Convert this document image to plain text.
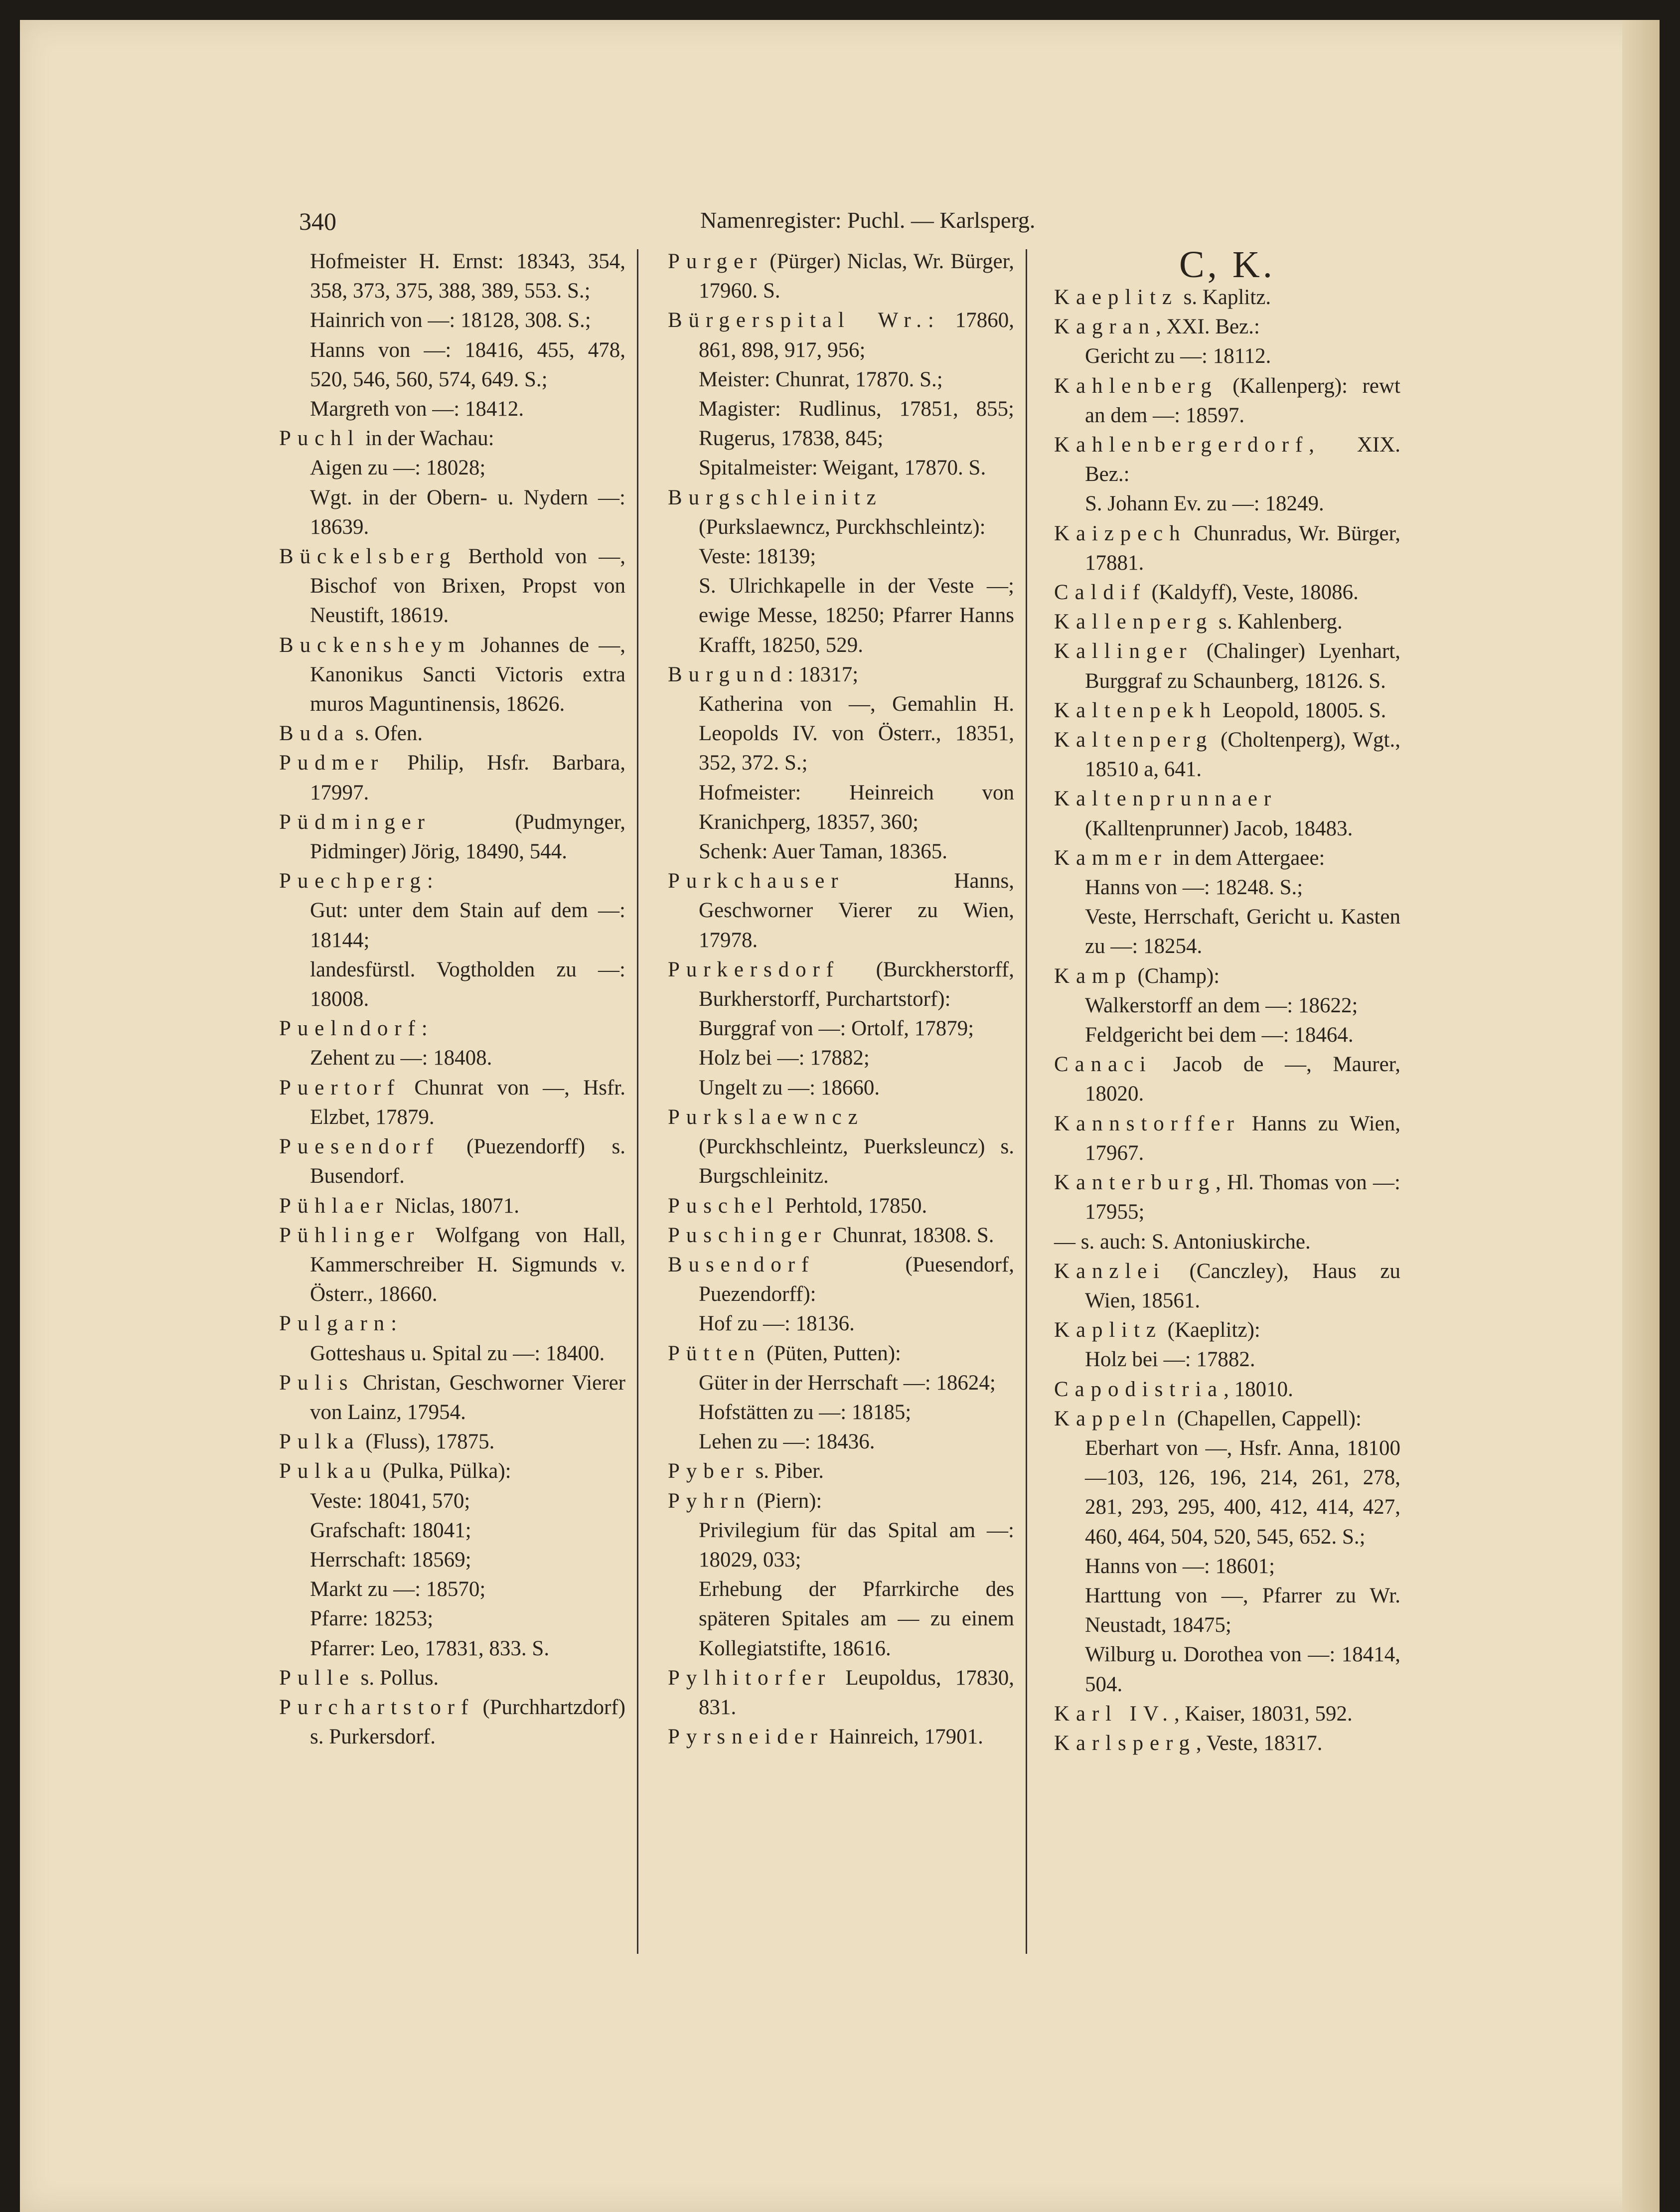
340	Namenregister: Puchl. — Karlsperg.
Hofmeister H. Ernst: 18343, 354, 358, 373, 375, 388, 389, 553. S.;
Hainrich von —: 18128, 308. S.;
Hanns von —: 18416, 455, 478, 520, 546, 560, 574, 649. S.;
Margreth von —: 18412.
Puchl in der Wachau:
Aigen zu —: 18028;
Wgt. in der Obern- u. Nydern —: 18639.
Bückelsberg Berthold von —, Bischof von Brixen, Propst von Neustift, 18619.
Buckensheym Johannes de —, Kanonikus Sancti Victoris extra muros Maguntinensis, 18626.
Buda s. Ofen.
Pudmer Philip, Hsfr. Barbara, 17997.
Püdminger (Pudmynger, Pidminger) Jörig, 18490, 544.
Puechperg:
Gut: unter dem Stain auf dem —: 18144;
landesfürstl. Vogtholden zu —: 18008.
Puelndorf:
Zehent zu —: 18408.
Puertorf Chunrat von —, Hsfr. Elzbet, 17879.
Puesendorf (Puezendorff) s. Busendorf.
Pühlaer Niclas, 18071.
Pühlinger Wolfgang von Hall, Kammerschreiber H. Sigmunds v. Österr., 18660.
Pulgarn:
Gotteshaus u. Spital zu —: 18400.
Pulis Christan, Geschworner Vierer von Lainz, 17954.
Pulka (Fluss), 17875.
Pulkau (Pulka, Pülka):
Veste: 18041, 570;
Grafschaft: 18041;
Herrschaft: 18569;
Markt zu —: 18570;
Pfarre: 18253;
Pfarrer: Leo, 17831, 833. S.
Pulle s. Pollus.
Purchartstorf (Purchhartzdorf) s. Purkersdorf.
Purger (Pürger) Niclas, Wr. Bürger, 17960. S.
Bürgerspital Wr.: 17860, 861, 898, 917, 956;
Meister: Chunrat, 17870. S.;
Magister: Rudlinus, 17851, 855; Rugerus, 17838, 845;
Spitalmeister: Weigant, 17870. S.
Burgschleinitz (Purkslaewncz, Purckhschleintz):
Veste: 18139;
S. Ulrichkapelle in der Veste —; ewige Messe, 18250; Pfarrer Hanns Krafft, 18250, 529.
Burgund: 18317;
Katherina von —, Gemahlin H. Leopolds IV. von Österr., 18351, 352, 372. S.;
Hofmeister: Heinreich von Kranichperg, 18357, 360;
Schenk: Auer Taman, 18365.
Purkchauser Hanns, Geschworner Vierer zu Wien, 17978.
Purkersdorf (Burckherstorff, Burkherstorff, Purchartstorf):
Burggraf von —: Ortolf, 17879;
Holz bei —: 17882;
Ungelt zu —: 18660.
Purkslaewncz (Purckhschleintz, Puerksleuncz) s. Burgschleinitz.
Puschel Perhtold, 17850.
Puschinger Chunrat, 18308. S.
Busendorf (Puesendorf, Puezendorff):
Hof zu —: 18136.
Pütten (Püten, Putten):
Güter in der Herrschaft —: 18624;
Hofstätten zu —: 18185;
Lehen zu —: 18436.
Pyber s. Piber.
Pyhrn (Piern):
Privilegium für das Spital am —: 18029, 033;
Erhebung der Pfarrkirche des späteren Spitales am — zu einem Kollegiatstifte, 18616.
Pylhitorfer Leupoldus, 17830, 831.
Pyrsneider Hainreich, 17901.
C, K.
Kaeplitz s. Kaplitz.
Kagran, XXI. Bez.:
Gericht zu —: 18112.
Kahlenberg (Kallenperg): rewt an dem —: 18597.
Kahlenbergerdorf, XIX. Bez.:
S. Johann Ev. zu —: 18249.
Kaizpech Chunradus, Wr. Bürger, 17881.
Caldif (Kaldyff), Veste, 18086.
Kallenperg s. Kahlenberg.
Kallinger (Chalinger) Lyenhart, Burggraf zu Schaunberg, 18126. S.
Kaltenpekh Leopold, 18005. S.
Kaltenperg (Choltenperg), Wgt., 18510 a, 641.
Kaltenprunnaer (Kalltenprunner) Jacob, 18483.
Kammer in dem Attergaee:
Hanns von —: 18248. S.;
Veste, Herrschaft, Gericht u. Kasten zu —: 18254.
Kamp (Champ):
Walkerstorff an dem —: 18622;
Feldgericht bei dem —: 18464.
Canaci Jacob de —, Maurer, 18020.
Kannstorffer Hanns zu Wien, 17967.
Kanterburg, Hl. Thomas von —: 17955;
— s. auch: S. Antoniuskirche.
Kanzlei (Canczley), Haus zu Wien, 18561.
Kaplitz (Kaeplitz):
Holz bei —: 17882.
Capodistria, 18010.
Kappeln (Chapellen, Cappell):
Eberhart von —, Hsfr. Anna, 18100—103, 126, 196, 214, 261, 278, 281, 293, 295, 400, 412, 414, 427, 460, 464, 504, 520, 545, 652. S.;
Hanns von —: 18601;
Harttung von —, Pfarrer zu Wr. Neustadt, 18475;
Wilburg u. Dorothea von —: 18414, 504.
Karl IV., Kaiser, 18031, 592.
Karlsperg, Veste, 18317.
